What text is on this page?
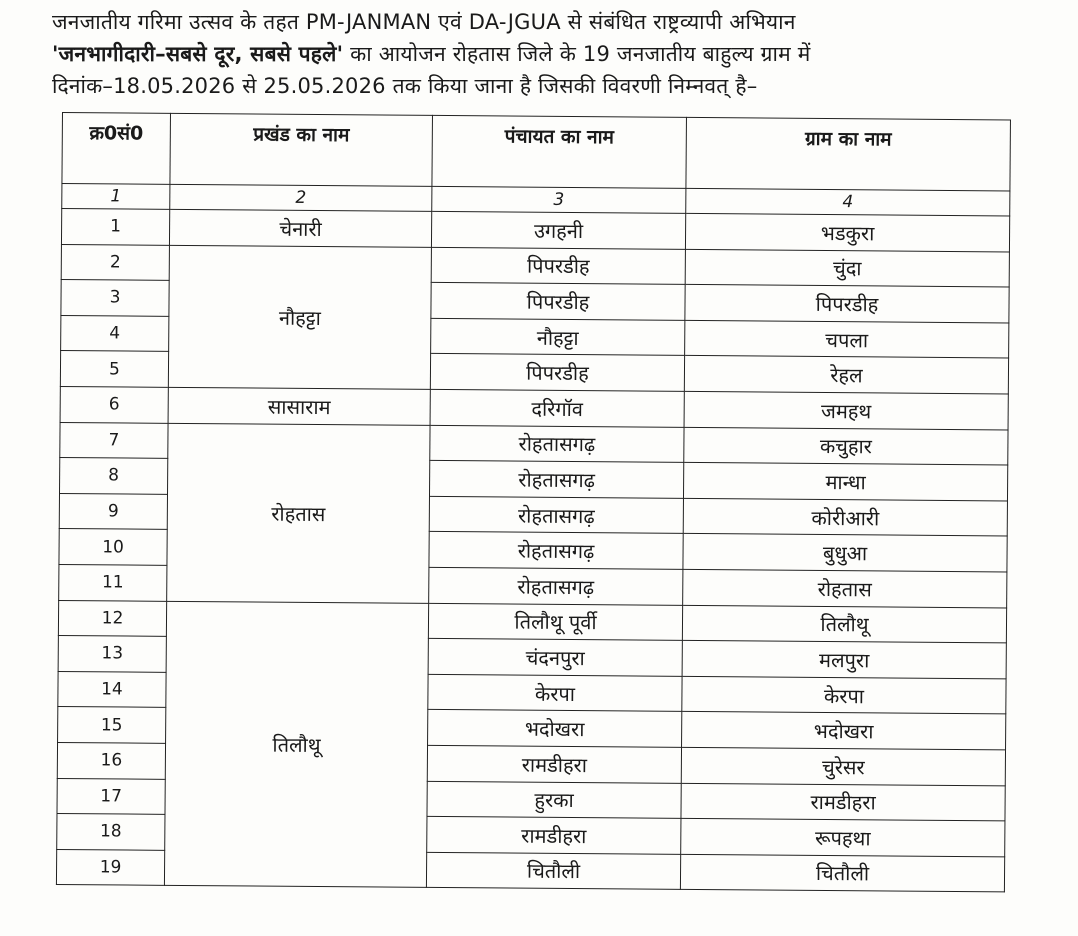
जनजातीय गरिमा उत्सव के तहत PM-JANMAN एवं DA-JGUA से संबंधित राष्ट्रव्यापी अभियान
'जनभागीदारी–सबसे दूर, सबसे पहले' का आयोजन रोहतास जिले के 19 जनजातीय बाहुल्य ग्राम में
दिनांक–18.05.2026 से 25.05.2026 तक किया जाना है जिसकी विवरणी निम्नवत् है–
क्र0सं0	प्रखंड का नाम	पंचायत का नाम	ग्राम का नाम
1	2	3	4
1	चेनारी	उगहनी	भडकुरा
2	नौहट्टा	पिपरडीह	चुंदा
3		पिपरडीह	पिपरडीह
4		नौहट्टा	चपला
5		पिपरडीह	रेहल
6	सासाराम	दरिगॉव	जमहथ
7	रोहतास	रोहतासगढ़	कचुहार
8		रोहतासगढ़	मान्धा
9		रोहतासगढ़	कोरीआरी
10		रोहतासगढ़	बुधुआ
11		रोहतासगढ़	रोहतास
12	तिलौथू	तिलौथू पूर्वी	तिलौथू
13		चंदनपुरा	मलपुरा
14		केरपा	केरपा
15		भदोखरा	भदोखरा
16		रामडीहरा	चुरेसर
17		हुरका	रामडीहरा
18		रामडीहरा	रूपहथा
19		चितौली	चितौली
